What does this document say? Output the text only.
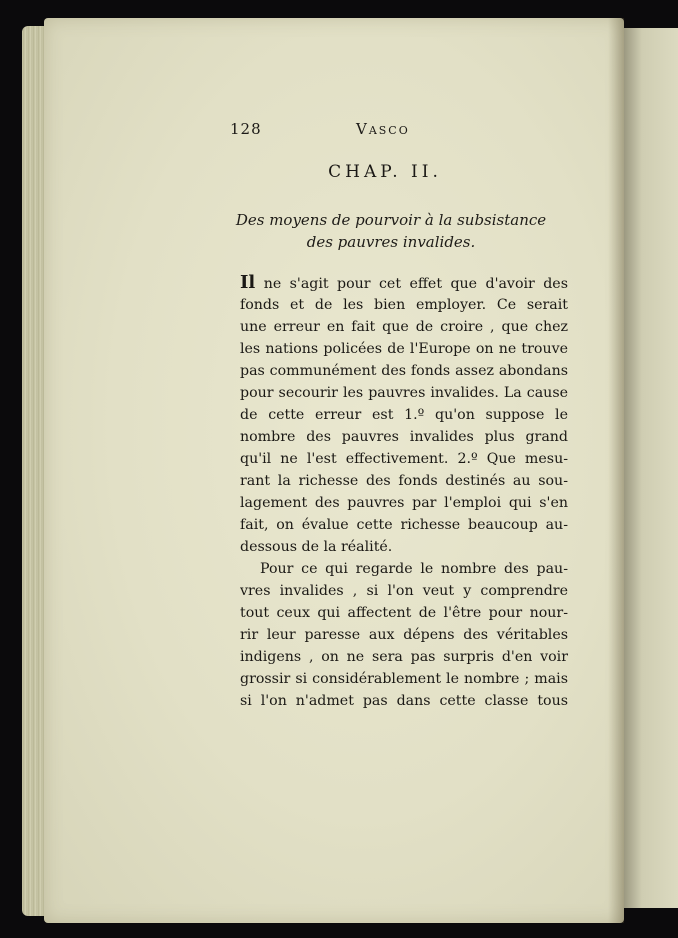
128	Vasco
CHAP. II.
Des moyens de pourvoir à la subsistance
des pauvres invalides.
Il ne s'agit pour cet effet que d'avoir des
fonds et de les bien employer. Ce serait
une erreur en fait que de croire , que chez
les nations policées de l'Europe on ne trouve
pas communément des fonds assez abondans
pour secourir les pauvres invalides. La cause
de cette erreur est 1.º qu'on suppose le
nombre des pauvres invalides plus grand
qu'il ne l'est effectivement. 2.º Que mesu-
rant la richesse des fonds destinés au sou-
lagement des pauvres par l'emploi qui s'en
fait, on évalue cette richesse beaucoup au-
dessous de la réalité.
Pour ce qui regarde le nombre des pau-
vres invalides , si l'on veut y comprendre
tout ceux qui affectent de l'être pour nour-
rir leur paresse aux dépens des véritables
indigens , on ne sera pas surpris d'en voir
grossir si considérablement le nombre ; mais
si l'on n'admet pas dans cette classe tous
